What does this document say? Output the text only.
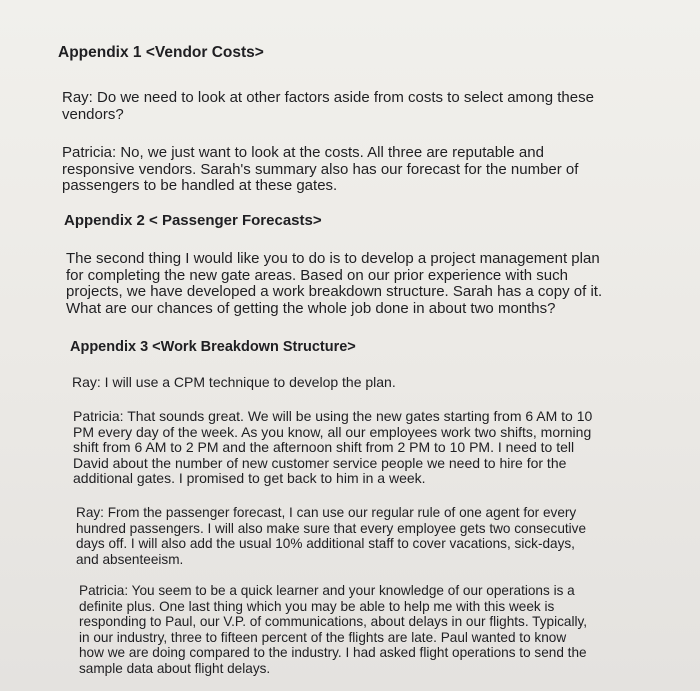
Appendix 1 <Vendor Costs>

Ray: Do we need to look at other factors aside from costs to select among these vendors?

Patricia: No, we just want to look at the costs. All three are reputable and responsive vendors. Sarah's summary also has our forecast for the number of passengers to be handled at these gates.

Appendix 2 < Passenger Forecasts>

The second thing I would like you to do is to develop a project management plan for completing the new gate areas. Based on our prior experience with such projects, we have developed a work breakdown structure. Sarah has a copy of it. What are our chances of getting the whole job done in about two months?

Appendix 3 <Work Breakdown Structure>

Ray: I will use a CPM technique to develop the plan.

Patricia: That sounds great. We will be using the new gates starting from 6 AM to 10 PM every day of the week. As you know, all our employees work two shifts, morning shift from 6 AM to 2 PM and the afternoon shift from 2 PM to 10 PM. I need to tell David about the number of new customer service people we need to hire for the additional gates. I promised to get back to him in a week.

Ray: From the passenger forecast, I can use our regular rule of one agent for every hundred passengers. I will also make sure that every employee gets two consecutive days off. I will also add the usual 10% additional staff to cover vacations, sick-days, and absenteeism.

Patricia: You seem to be a quick learner and your knowledge of our operations is a definite plus. One last thing which you may be able to help me with this week is responding to Paul, our V.P. of communications, about delays in our flights. Typically, in our industry, three to fifteen percent of the flights are late. Paul wanted to know how we are doing compared to the industry. I had asked flight operations to send the sample data about flight delays.
